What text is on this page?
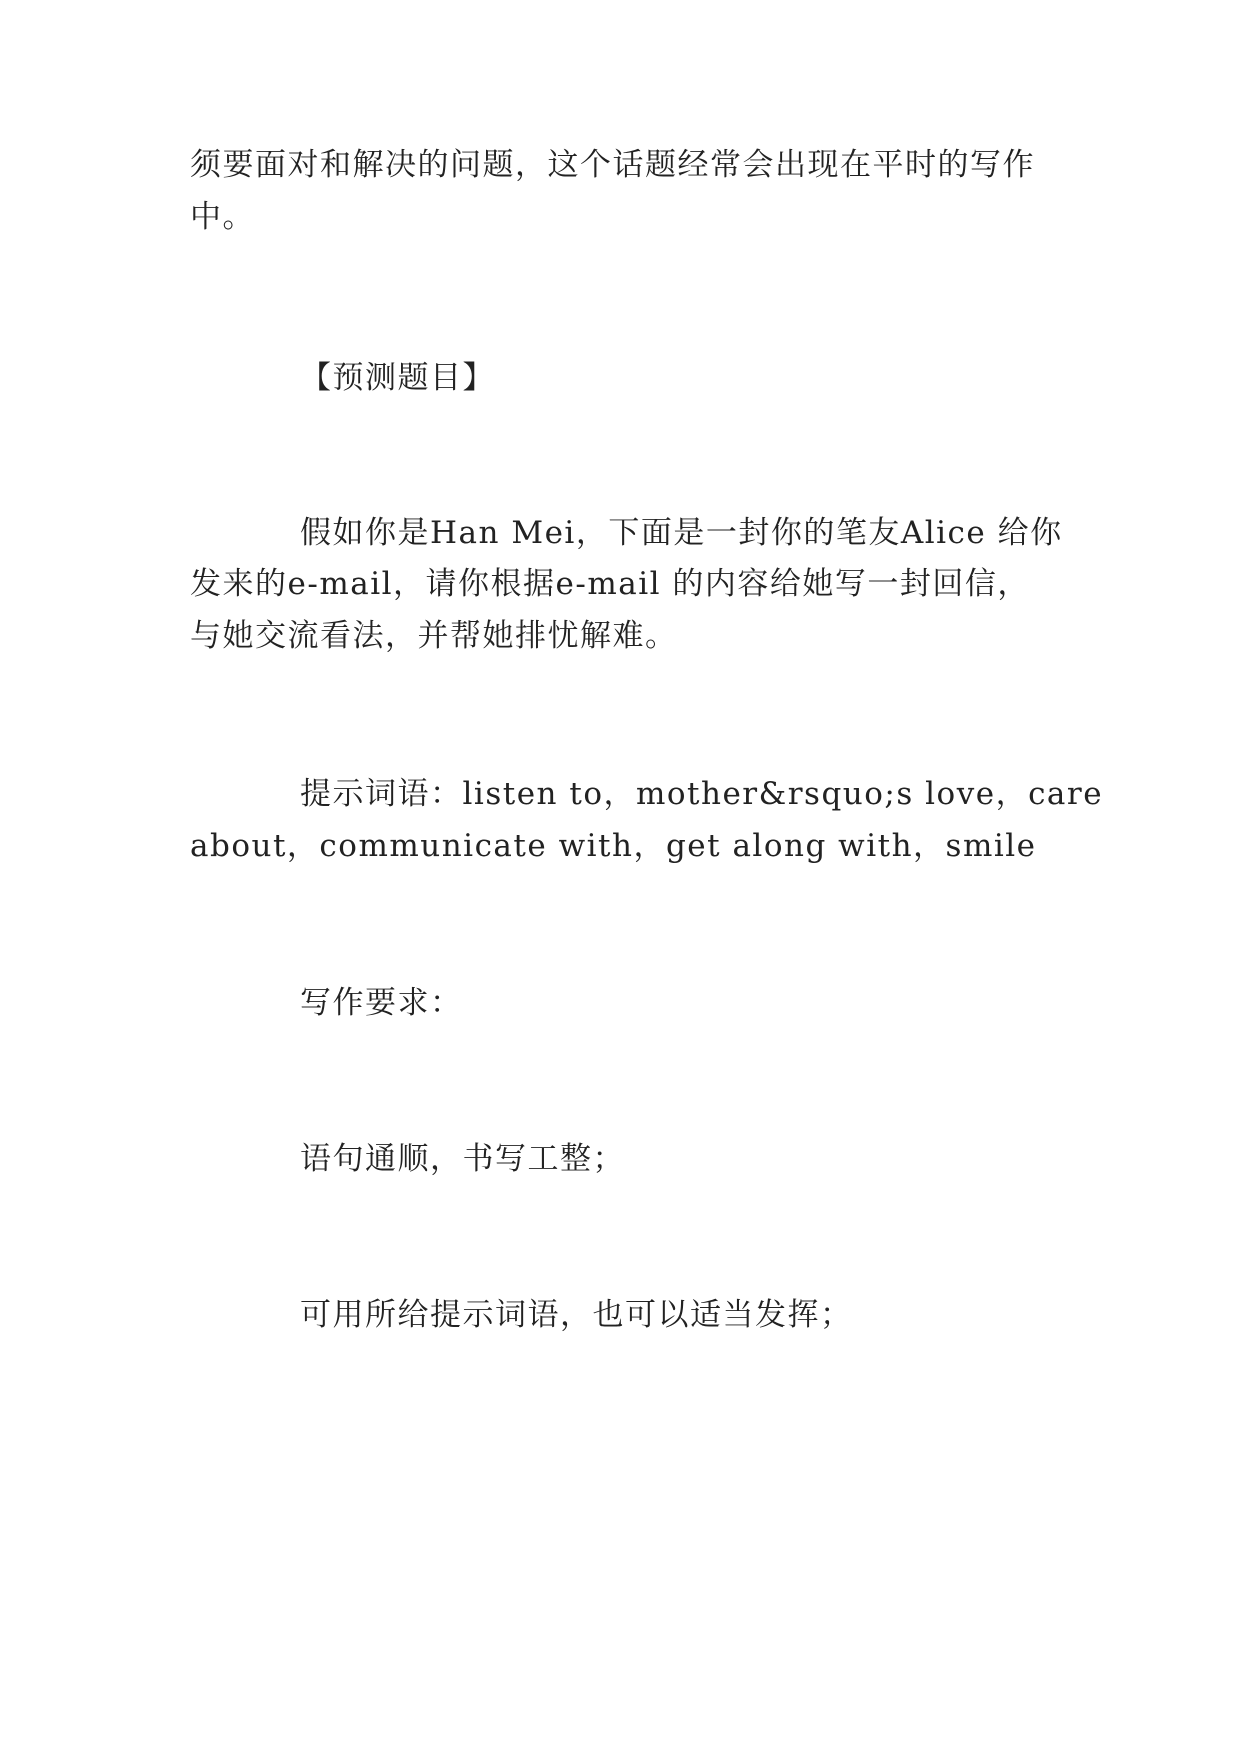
须要面对和解决的问题，这个话题经常会出现在平时的写作
中。
【预测题目】
假如你是Han Mei，下面是一封你的笔友Alice 给你
发来的e-mail，请你根据e-mail 的内容给她写一封回信，
与她交流看法，并帮她排忧解难。
提示词语：listen to，mother&rsquo;s love，care
about，communicate with，get along with，smile
写作要求：
语句通顺，书写工整；
可用所给提示词语，也可以适当发挥；
